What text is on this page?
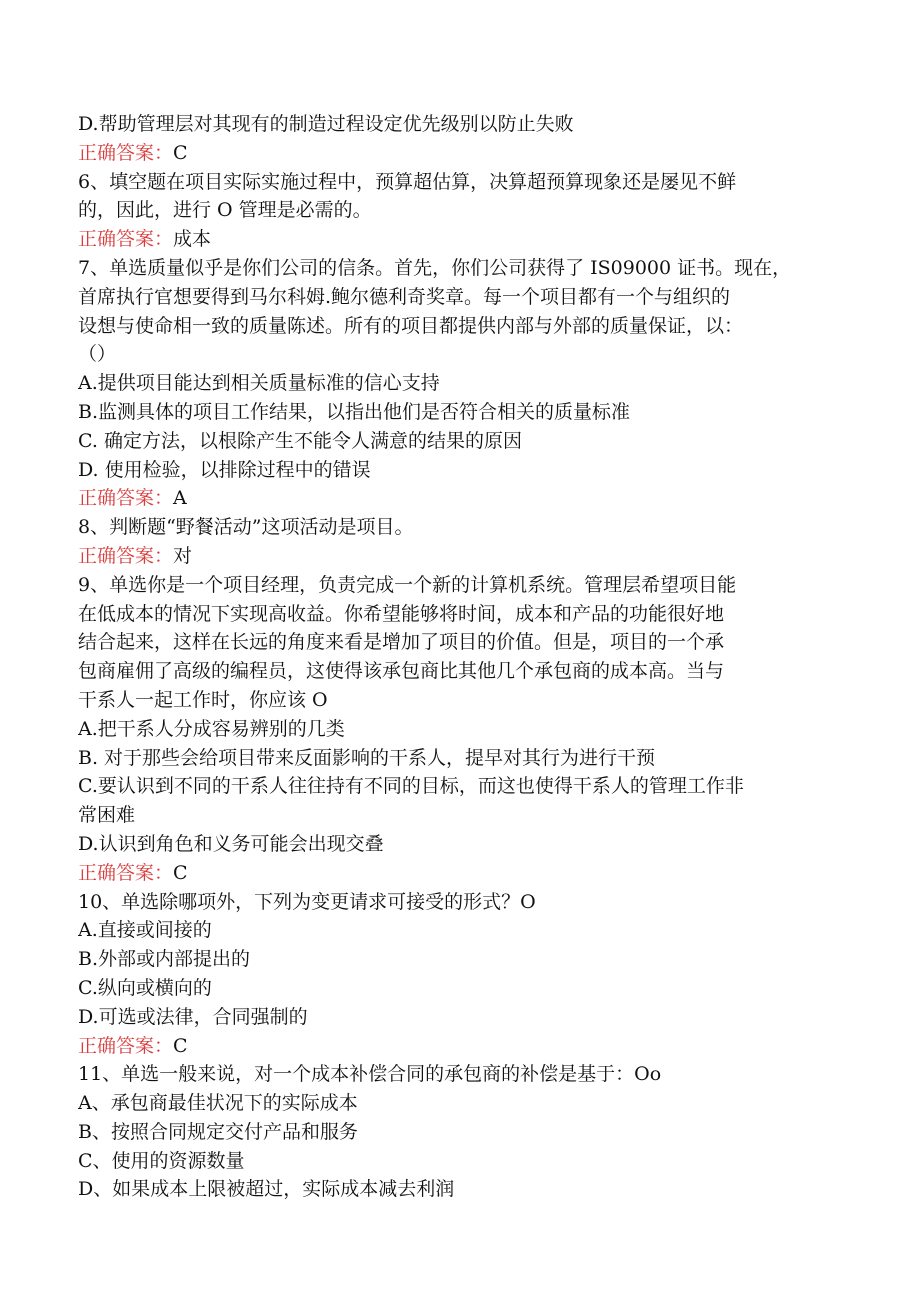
D.帮助管理层对其现有的制造过程设定优先级别以防止失败
正确答案：C
6、填空题在项目实际实施过程中，预算超估算，决算超预算现象还是屡见不鲜
的，因此，进行 O 管理是必需的。
正确答案：成本
7、单选质量似乎是你们公司的信条。首先，你们公司获得了 IS09000 证书。现在，
首席执行官想要得到马尔科姆.鲍尔德利奇奖章。每一个项目都有一个与组织的
设想与使命相一致的质量陈述。所有的项目都提供内部与外部的质量保证，以：
（）
A.提供项目能达到相关质量标准的信心支持
B.监测具体的项目工作结果，以指出他们是否符合相关的质量标准
C. 确定方法，以根除产生不能令人满意的结果的原因
D. 使用检验，以排除过程中的错误
正确答案：A
8、判断题“野餐活动”这项活动是项目。
正确答案：对
9、单选你是一个项目经理，负责完成一个新的计算机系统。管理层希望项目能
在低成本的情况下实现高收益。你希望能够将时间，成本和产品的功能很好地
结合起来，这样在长远的角度来看是增加了项目的价值。但是，项目的一个承
包商雇佣了高级的编程员，这使得该承包商比其他几个承包商的成本高。当与
干系人一起工作时，你应该 O
A.把干系人分成容易辨别的几类
B. 对于那些会给项目带来反面影响的干系人，提早对其行为进行干预
C.要认识到不同的干系人往往持有不同的目标，而这也使得干系人的管理工作非
常困难
D.认识到角色和义务可能会出现交叠
正确答案：C
10、单选除哪项外，下列为变更请求可接受的形式？O
A.直接或间接的
B.外部或内部提出的
C.纵向或横向的
D.可选或法律，合同强制的
正确答案：C
11、单选一般来说，对一个成本补偿合同的承包商的补偿是基于：Oo
A、承包商最佳状况下的实际成本
B、按照合同规定交付产品和服务
C、使用的资源数量
D、如果成本上限被超过，实际成本减去利润
